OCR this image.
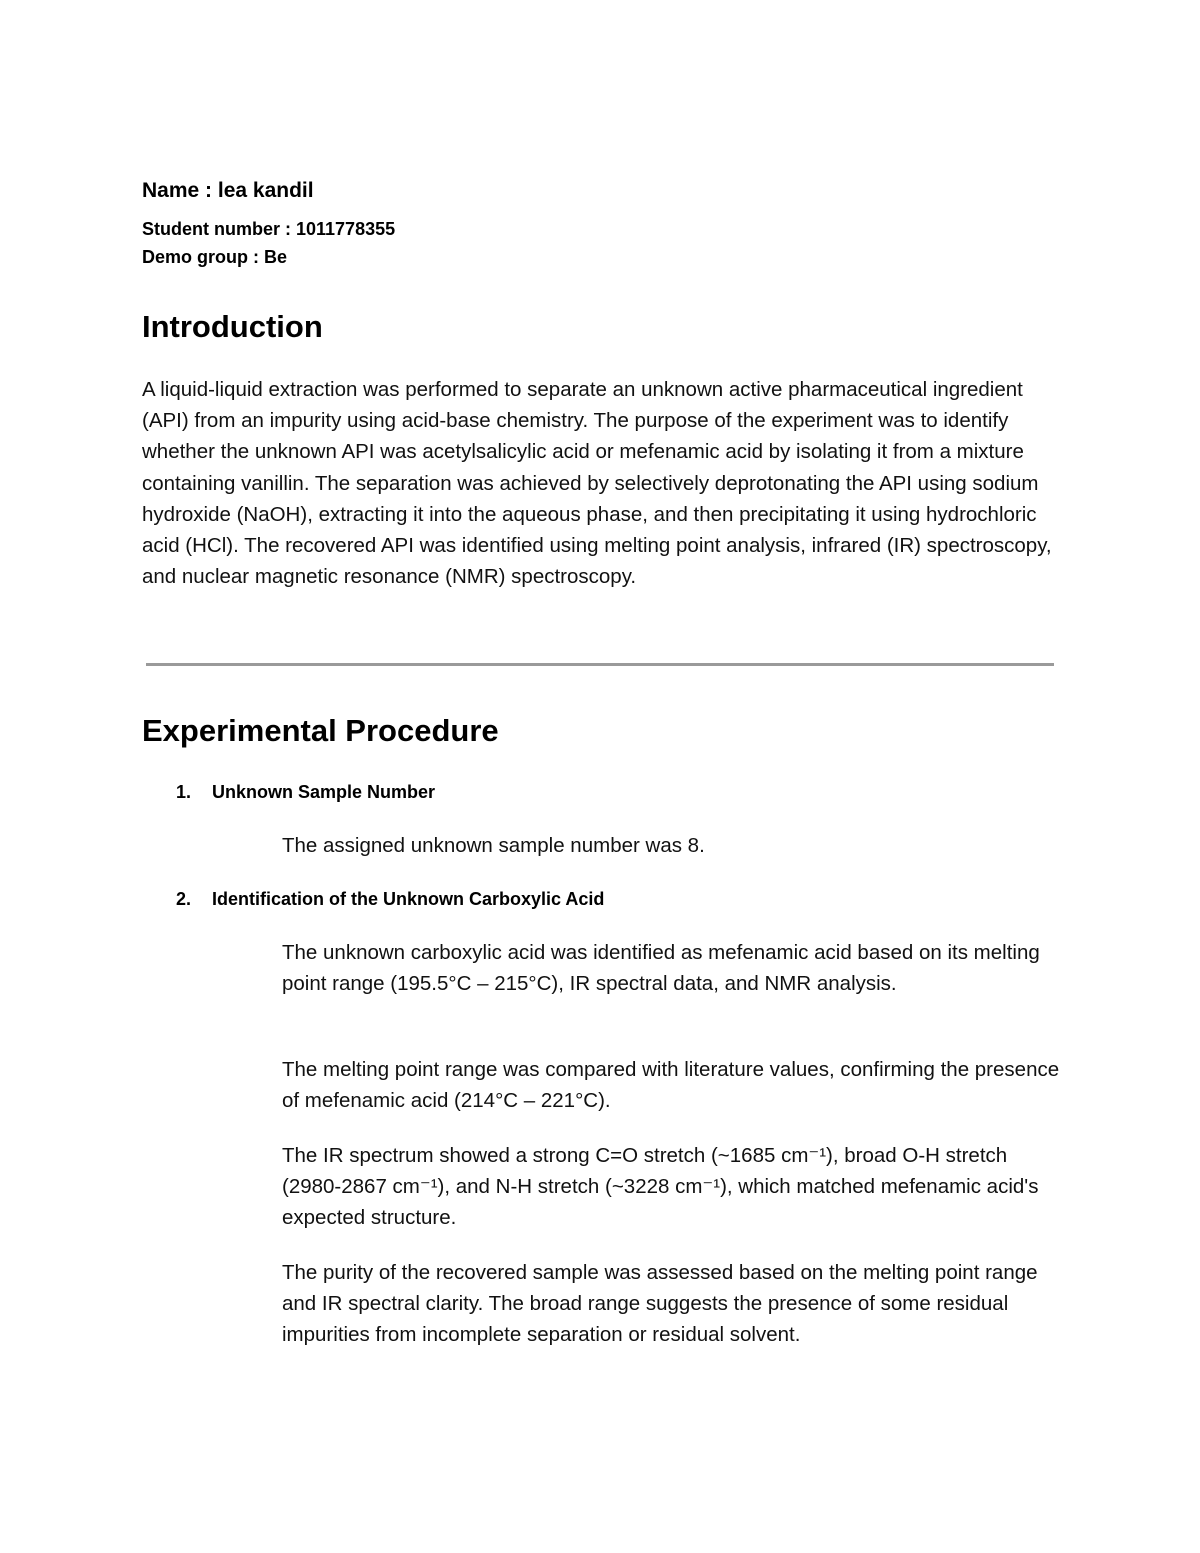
Name : lea kandil
Student number : 1011778355
Demo group : Be
Introduction

A liquid-liquid extraction was performed to separate an unknown active pharmaceutical ingredient (API) from an impurity using acid-base chemistry. The purpose of the experiment was to identify whether the unknown API was acetylsalicylic acid or mefenamic acid by isolating it from a mixture containing vanillin. The separation was achieved by selectively deprotonating the API using sodium hydroxide (NaOH), extracting it into the aqueous phase, and then precipitating it using hydrochloric acid (HCl). The recovered API was identified using melting point analysis, infrared (IR) spectroscopy, and nuclear magnetic resonance (NMR) spectroscopy.

Experimental Procedure
1. Unknown Sample Number

The assigned unknown sample number was 8.

2. Identification of the Unknown Carboxylic Acid

The unknown carboxylic acid was identified as mefenamic acid based on its melting point range (195.5°C – 215°C), IR spectral data, and NMR analysis.

The melting point range was compared with literature values, confirming the presence of mefenamic acid (214°C – 221°C).

The IR spectrum showed a strong C=O stretch (~1685 cm⁻¹), broad O-H stretch (2980-2867 cm⁻¹), and N-H stretch (~3228 cm⁻¹), which matched mefenamic acid's expected structure.

The purity of the recovered sample was assessed based on the melting point range and IR spectral clarity. The broad range suggests the presence of some residual impurities from incomplete separation or residual solvent.
